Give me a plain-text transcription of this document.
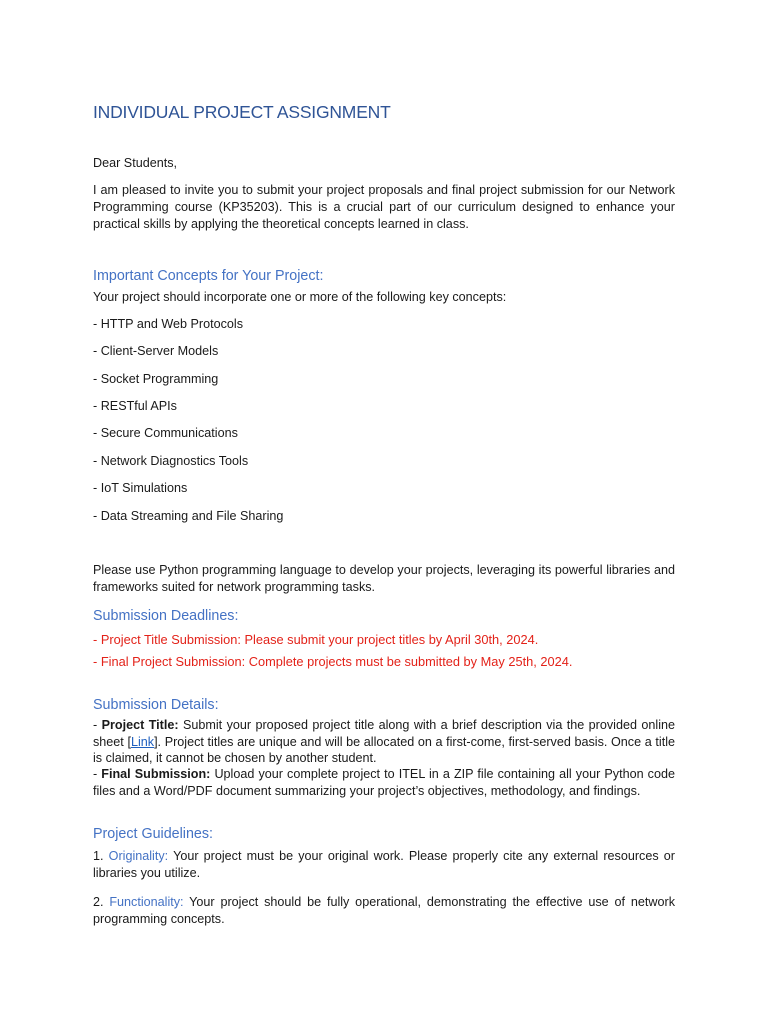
INDIVIDUAL PROJECT ASSIGNMENT
Dear Students,

I am pleased to invite you to submit your project proposals and final project submission for our Network Programming course (KP35203). This is a crucial part of our curriculum designed to enhance your practical skills by applying the theoretical concepts learned in class.

Important Concepts for Your Project:
Your project should incorporate one or more of the following key concepts:
- HTTP and Web Protocols
- Client-Server Models
- Socket Programming
- RESTful APIs
- Secure Communications
- Network Diagnostics Tools
- IoT Simulations
- Data Streaming and File Sharing

Please use Python programming language to develop your projects, leveraging its powerful libraries and frameworks suited for network programming tasks.

Submission Deadlines:
- Project Title Submission: Please submit your project titles by April 30th, 2024.
- Final Project Submission: Complete projects must be submitted by May 25th, 2024.
Submission Details:

- Project Title: Submit your proposed project title along with a brief description via the provided online sheet [Link]. Project titles are unique and will be allocated on a first-come, first-served basis. Once a title is claimed, it cannot be chosen by another student.

- Final Submission: Upload your complete project to ITEL in a ZIP file containing all your Python code files and a Word/PDF document summarizing your project’s objectives, methodology, and findings.

Project Guidelines:

1. Originality: Your project must be your original work. Please properly cite any external resources or libraries you utilize.

2. Functionality: Your project should be fully operational, demonstrating the effective use of network programming concepts.
